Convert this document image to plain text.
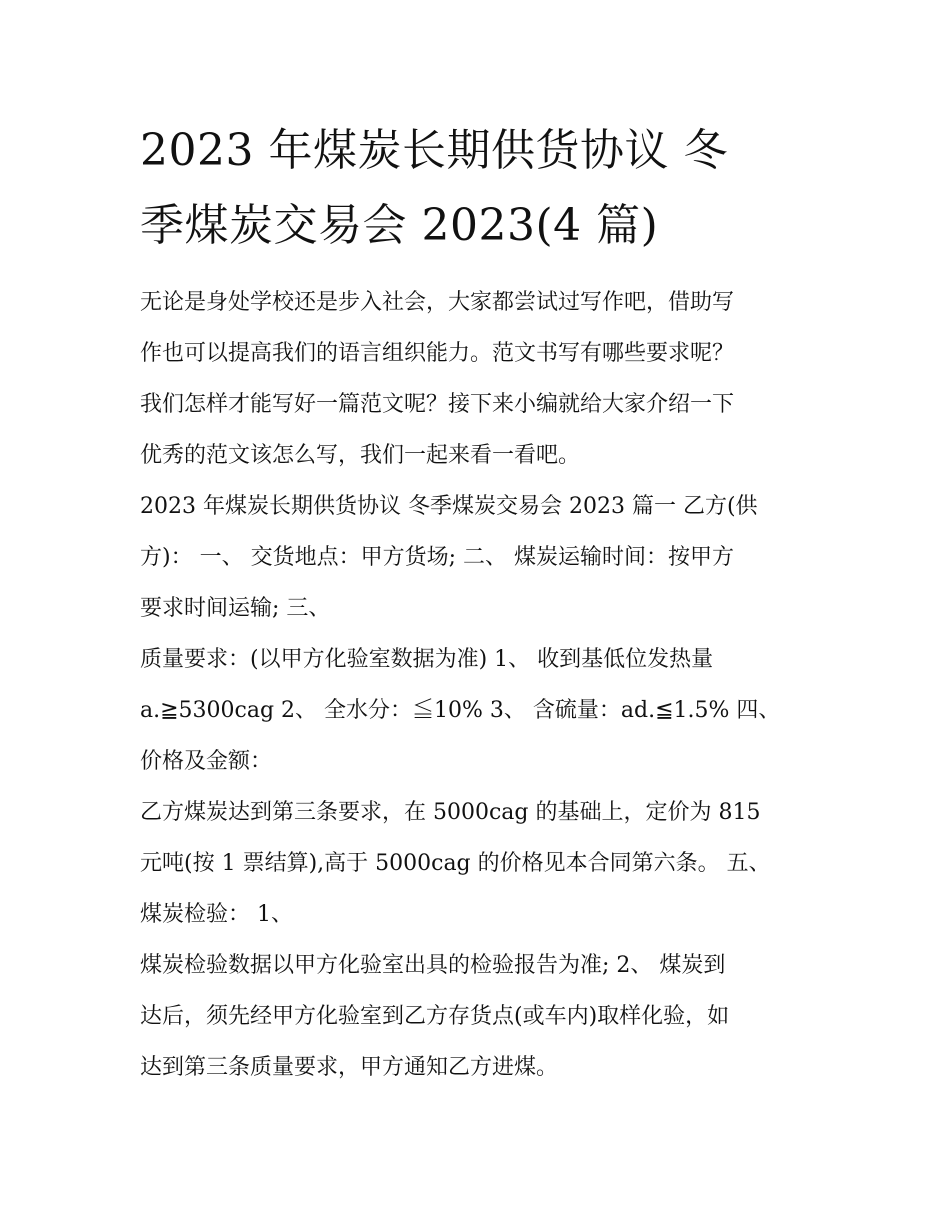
2023 年煤炭长期供货协议 冬
季煤炭交易会 2023(4 篇)
无论是身处学校还是步入社会，大家都尝试过写作吧，借助写
作也可以提高我们的语言组织能力。范文书写有哪些要求呢？
我们怎样才能写好一篇范文呢？接下来小编就给大家介绍一下
优秀的范文该怎么写，我们一起来看一看吧。
2023 年煤炭长期供货协议 冬季煤炭交易会 2023 篇一 乙方(供
方)： 一、 交货地点：甲方货场; 二、 煤炭运输时间：按甲方
要求时间运输; 三、
质量要求：(以甲方化验室数据为准) 1、 收到基低位发热量
a.≧5300cag 2、 全水分：≦10% 3、 含硫量：ad.≦1.5% 四、
价格及金额：
乙方煤炭达到第三条要求，在 5000cag 的基础上，定价为 815
元吨(按 1 票结算),高于 5000cag 的价格见本合同第六条。 五、
煤炭检验： 1、
煤炭检验数据以甲方化验室出具的检验报告为准; 2、 煤炭到
达后，须先经甲方化验室到乙方存货点(或车内)取样化验，如
达到第三条质量要求，甲方通知乙方进煤。
